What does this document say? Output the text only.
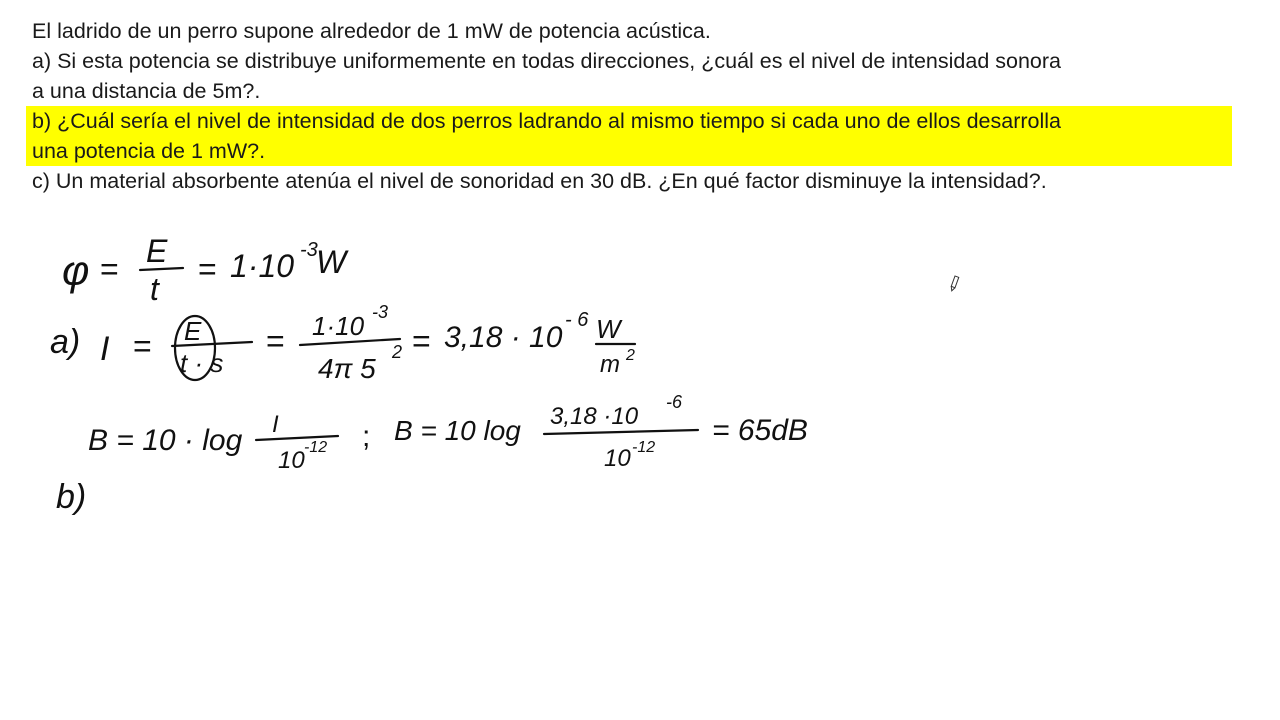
El ladrido de un perro supone alrededor de 1 mW de potencia acústica.

a) Si esta potencia se distribuye uniformemente en todas direcciones, ¿cuál es el nivel de intensidad sonora

a una distancia de 5m?.

b) ¿Cuál sería el nivel de intensidad de dos perros ladrando al mismo tiempo si cada uno de ellos desarrolla

una potencia de 1 mW?.

c) Un material absorbente atenúa el nivel de sonoridad en 30 dB. ¿En qué factor disminuye la intensidad?.

φ = E
t
= 1·10 -3
W
a) I = E
t · s
= 1·10 -3
4π 5
2 = 3,18 · 10
- 6 W
m 2
B = 10 · log I
10 -12 ; B = 10 log 3,18 ·10
-6
10 -12
= 65dB
b)
